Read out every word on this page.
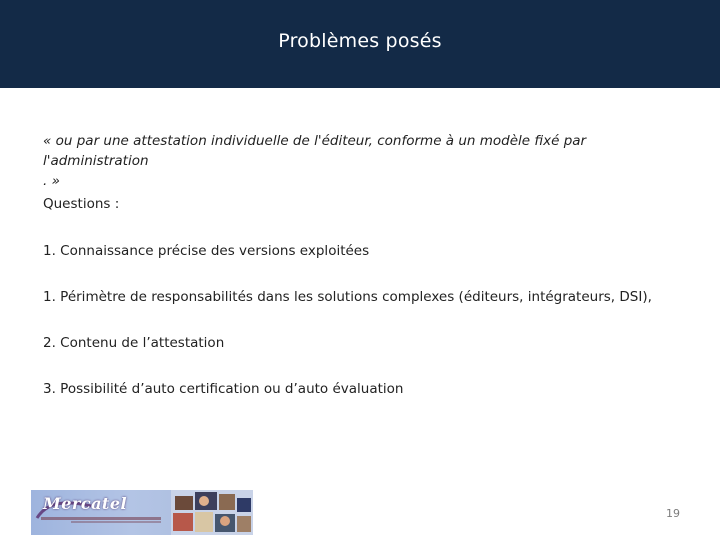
Problèmes posés

« ou par une attestation individuelle de l'éditeur, conforme à un modèle fixé par l'administration
. »

Questions :

1. Connaissance précise des versions exploitées

1. Périmètre de responsabilités dans les solutions complexes (éditeurs, intégrateurs, DSI),

2. Contenu de l’attestation

3. Possibilité d’auto certification ou d’auto évaluation

Mercatel
19
